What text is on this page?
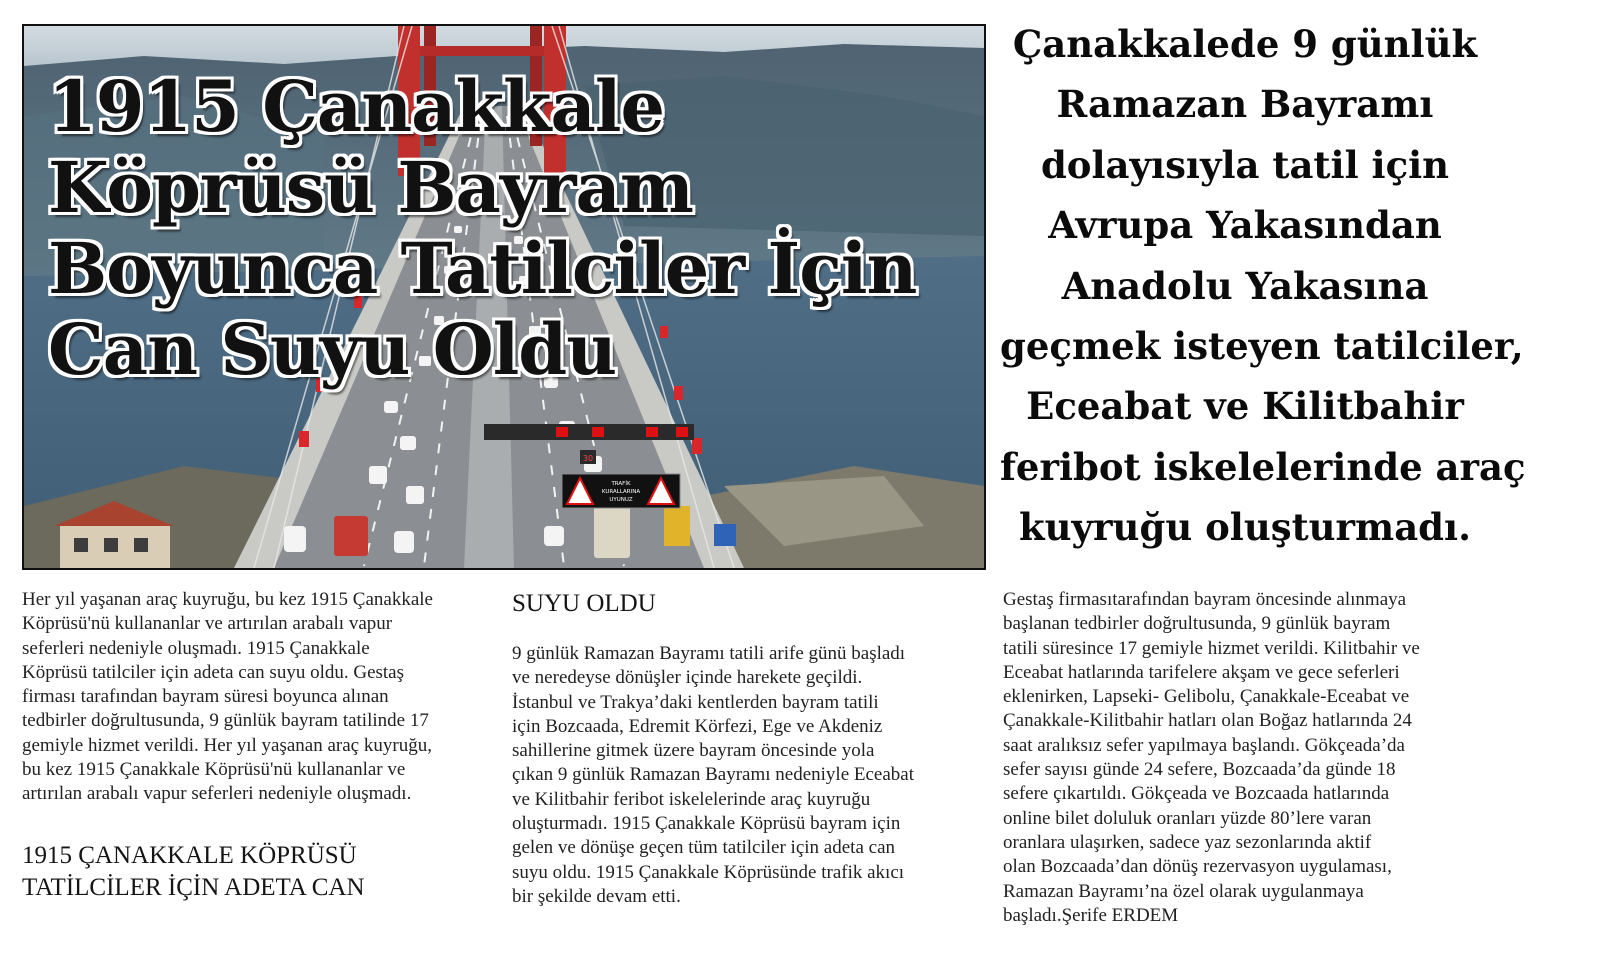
TRAFİK
KURALLARINA
UYUNUZ
30
1915 Çanakkale
Köprüsü Bayram
Boyunca Tatilciler İçin
Can Suyu Oldu
Çanakkalede 9 günlük
Ramazan Bayramı
dolayısıyla tatil için
Avrupa Yakasından
Anadolu Yakasına
geçmek isteyen tatilciler,
Eceabat ve Kilitbahir
feribot iskelelerinde araç
kuyruğu oluşturmadı.
Her yıl yaşanan araç kuyruğu, bu kez 1915 Çanakkale
Köprüsü'nü kullananlar ve artırılan arabalı vapur
seferleri nedeniyle oluşmadı. 1915 Çanakkale
Köprüsü tatilciler için adeta can suyu oldu. Gestaş
firması tarafından bayram süresi boyunca alınan
tedbirler doğrultusunda, 9 günlük bayram tatilinde 17
gemiyle hizmet verildi. Her yıl yaşanan araç kuyruğu,
bu kez 1915 Çanakkale Köprüsü'nü kullananlar ve
artırılan arabalı vapur seferleri nedeniyle oluşmadı.
1915 ÇANAKKALE KÖPRÜSÜ
TATİLCİLER İÇİN ADETA CAN
SUYU OLDU
9 günlük Ramazan Bayramı tatili arife günü başladı
ve neredeyse dönüşler içinde harekete geçildi.
İstanbul ve Trakya’daki kentlerden bayram tatili
için Bozcaada, Edremit Körfezi, Ege ve Akdeniz
sahillerine gitmek üzere bayram öncesinde yola
çıkan 9 günlük Ramazan Bayramı nedeniyle Eceabat
ve Kilitbahir feribot iskelelerinde araç kuyruğu
oluşturmadı. 1915 Çanakkale Köprüsü bayram için
gelen ve dönüşe geçen tüm tatilciler için adeta can
suyu oldu. 1915 Çanakkale Köprüsünde trafik akıcı
bir şekilde devam etti.
Gestaş firmasıtarafından bayram öncesinde alınmaya
başlanan tedbirler doğrultusunda, 9 günlük bayram
tatili süresince 17 gemiyle hizmet verildi. Kilitbahir ve
Eceabat hatlarında tarifelere akşam ve gece seferleri
eklenirken, Lapseki- Gelibolu, Çanakkale-Eceabat ve
Çanakkale-Kilitbahir hatları olan Boğaz hatlarında 24
saat aralıksız sefer yapılmaya başlandı. Gökçeada’da
sefer sayısı günde 24 sefere, Bozcaada’da günde 18
sefere çıkartıldı. Gökçeada ve Bozcaada hatlarında
online bilet doluluk oranları yüzde 80’lere varan
oranlara ulaşırken, sadece yaz sezonlarında aktif
olan Bozcaada’dan dönüş rezervasyon uygulaması,
Ramazan Bayramı’na özel olarak uygulanmaya
başladı.Şerife ERDEM
